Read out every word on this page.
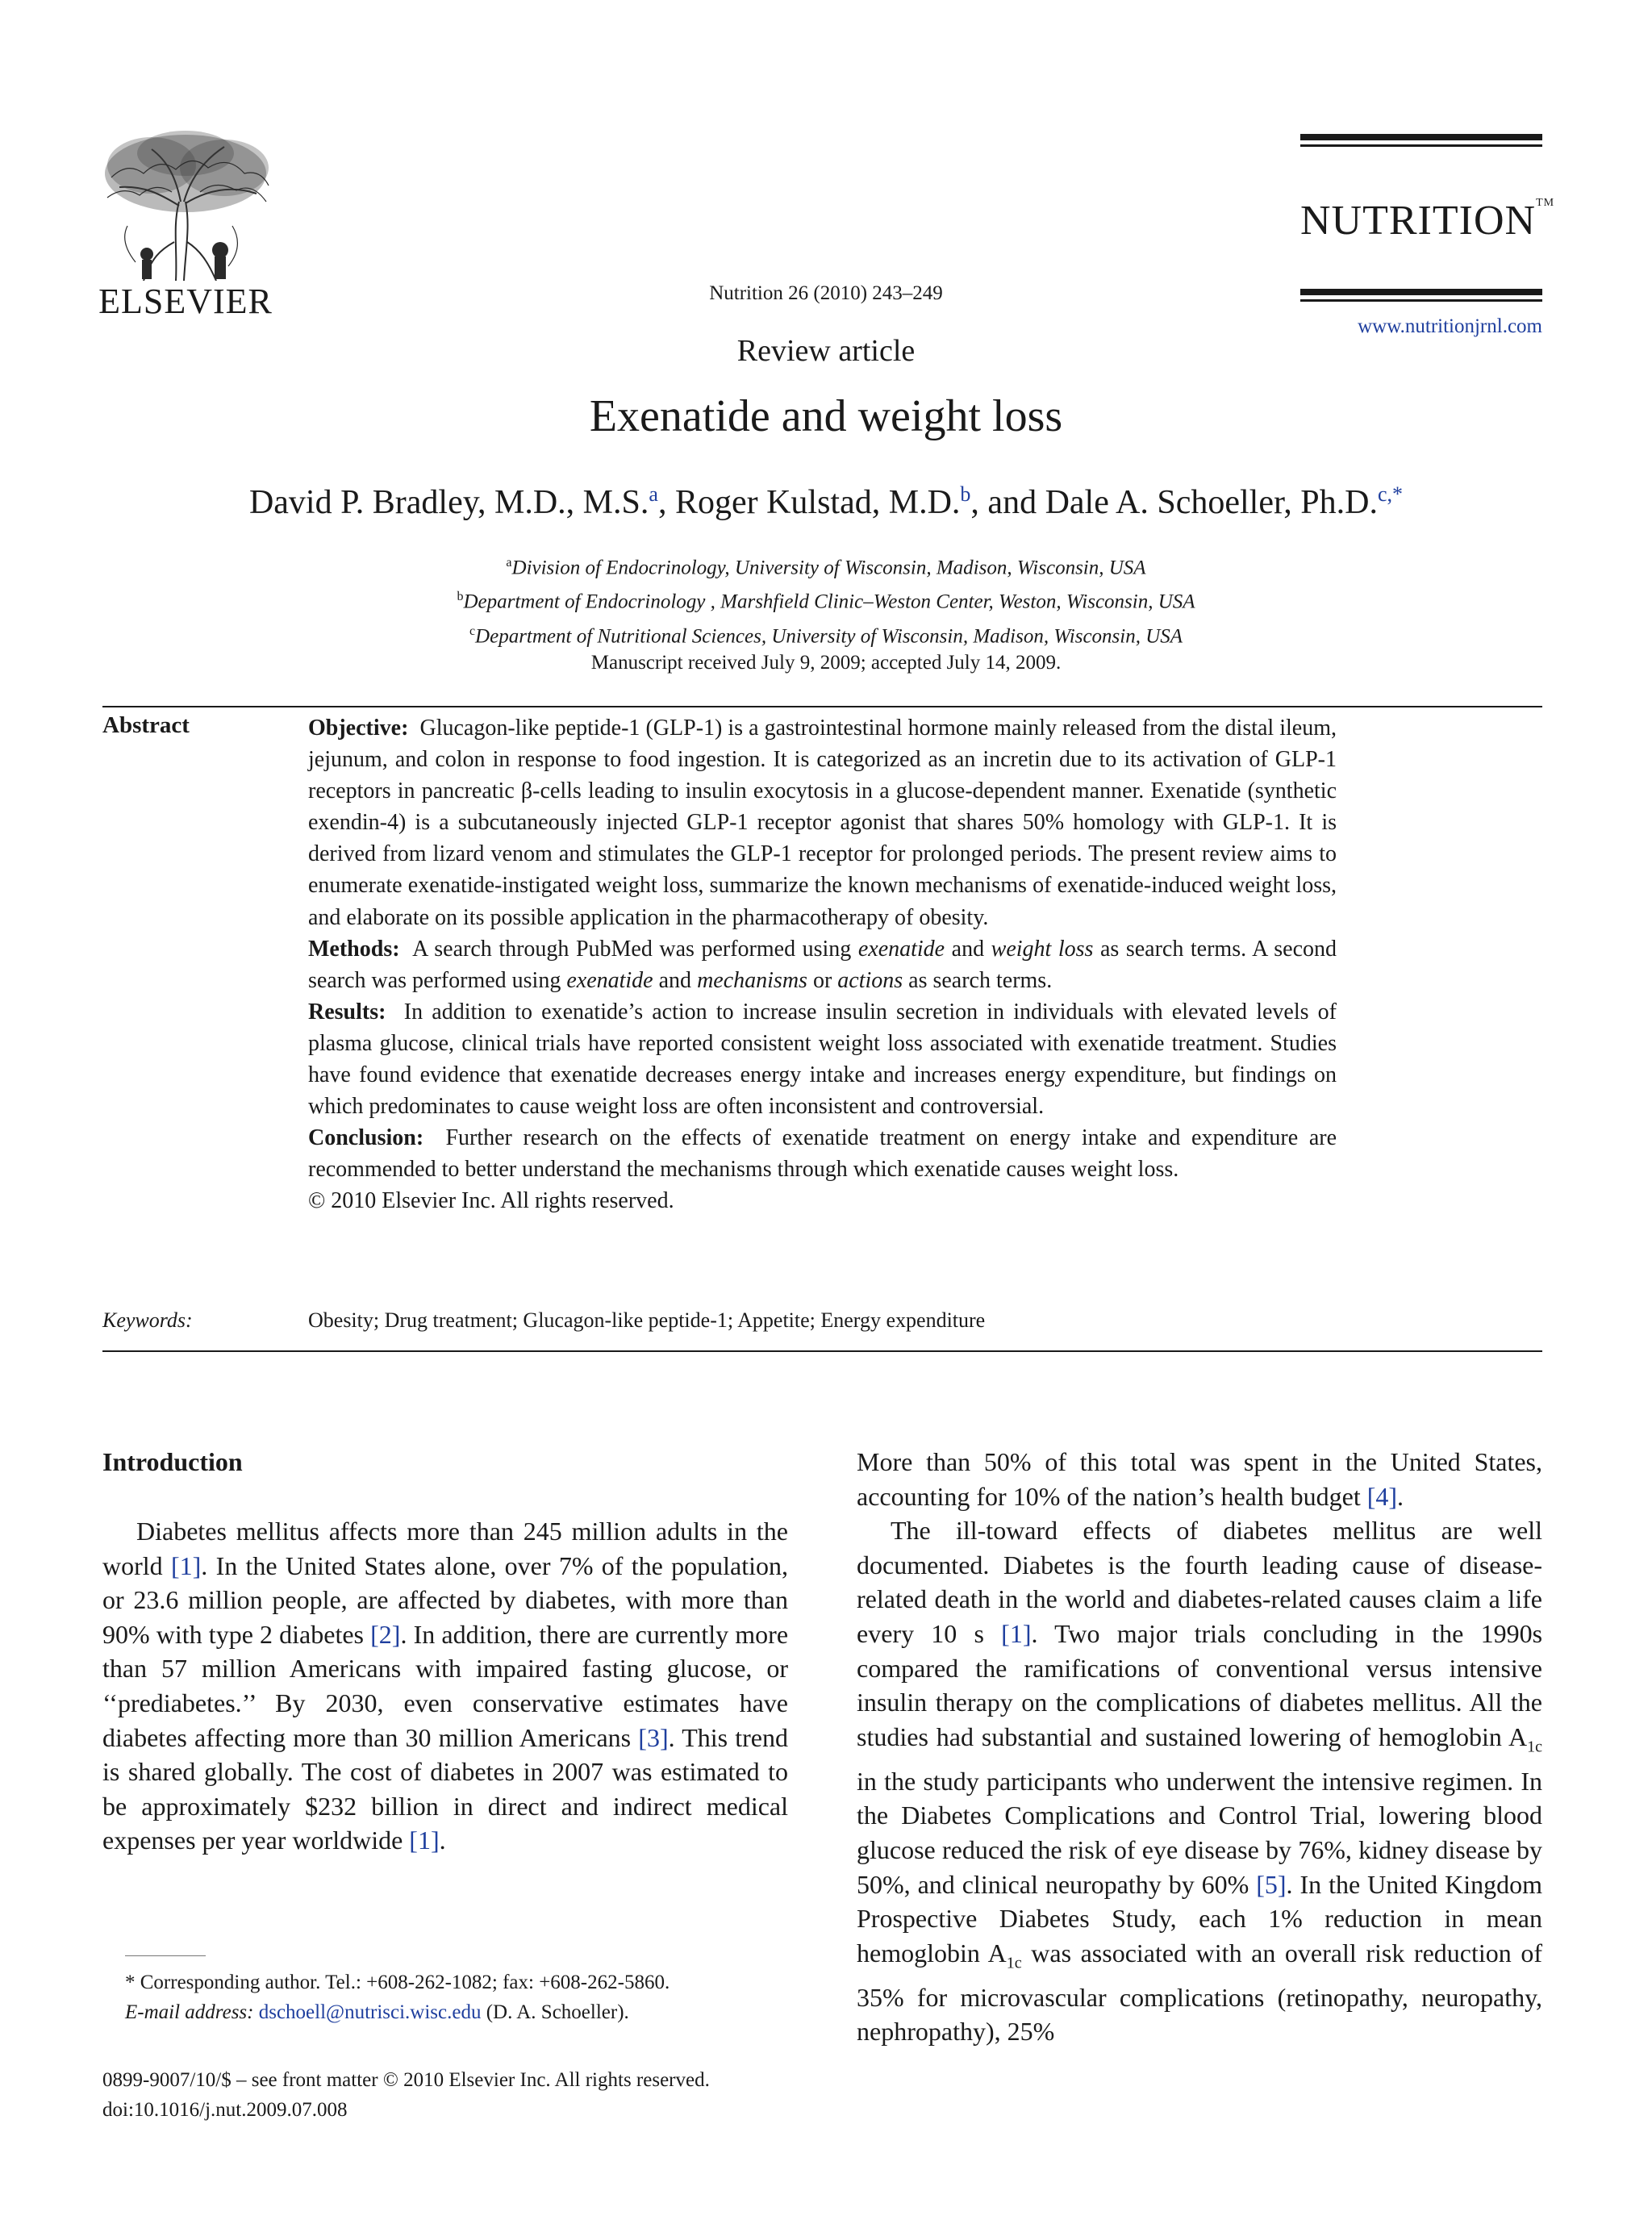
ELSEVIER
NUTRITION™
www.nutritionjrnl.com
Nutrition 26 (2010) 243–249
Review article
Exenatide and weight loss
David P. Bradley, M.D., M.S.$^a$, Roger Kulstad, M.D.$^b$, and Dale A. Schoeller, Ph.D.$^{c,*}$
$^a$Division of Endocrinology, University of Wisconsin, Madison, Wisconsin, USA
$^b$Department of Endocrinology , Marshfield Clinic–Weston Center, Weston, Wisconsin, USA
$^c$Department of Nutritional Sciences, University of Wisconsin, Madison, Wisconsin, USA
Manuscript received July 9, 2009; accepted July 14, 2009.
Abstract	Objective: Glucagon-like peptide-1 (GLP-1) is a gastrointestinal hormone mainly released from the distal ileum, jejunum, and colon in response to food ingestion. It is categorized as an incretin due to its activation of GLP-1 receptors in pancreatic β-cells leading to insulin exocytosis in a glucose-dependent manner. Exenatide (synthetic exendin-4) is a subcutaneously injected GLP-1 receptor agonist that shares 50% homology with GLP-1. It is derived from lizard venom and stimulates the GLP-1 receptor for prolonged periods. The present review aims to enumerate exenatide-instigated weight loss, summarize the known mechanisms of exenatide-induced weight loss, and elaborate on its possible application in the pharmacotherapy of obesity.

Methods: A search through PubMed was performed using exenatide and weight loss as search terms. A second search was performed using exenatide and mechanisms or actions as search terms.

Results: In addition to exenatide’s action to increase insulin secretion in individuals with elevated levels of plasma glucose, clinical trials have reported consistent weight loss associated with exenatide treatment. Studies have found evidence that exenatide decreases energy intake and increases energy expenditure, but findings on which predominates to cause weight loss are often inconsistent and controversial.

Conclusion: Further research on the effects of exenatide treatment on energy intake and expenditure are recommended to better understand the mechanisms through which exenatide causes weight loss.

© 2010 Elsevier Inc. All rights reserved.

Keywords:	Obesity; Drug treatment; Glucagon-like peptide-1; Appetite; Energy expenditure
Introduction

Diabetes mellitus affects more than 245 million adults in the world [1]. In the United States alone, over 7% of the population, or 23.6 million people, are affected by diabetes, with more than 90% with type 2 diabetes [2]. In addition, there are currently more than 57 million Americans with impaired fasting glucose, or ‘‘prediabetes.’’ By 2030, even conservative estimates have diabetes affecting more than 30 million Americans [3]. This trend is shared globally. The cost of diabetes in 2007 was estimated to be approximately $232 billion in direct and indirect medical expenses per year worldwide [1].

More than 50% of this total was spent in the United States, accounting for 10% of the nation’s health budget [4].

The ill-toward effects of diabetes mellitus are well documented. Diabetes is the fourth leading cause of disease-related death in the world and diabetes-related causes claim a life every 10 s [1]. Two major trials concluding in the 1990s compared the ramifications of conventional versus intensive insulin therapy on the complications of diabetes mellitus. All the studies had substantial and sustained lowering of hemoglobin $A_{1c}$ in the study participants who underwent the intensive regimen. In the Diabetes Complications and Control Trial, lowering blood glucose reduced the risk of eye disease by 76%, kidney disease by 50%, and clinical neuropathy by 60% [5]. In the United Kingdom Prospective Diabetes Study, each 1% reduction in mean hemoglobin $A_{1c}$ was associated with an overall risk reduction of 35% for microvascular complications (retinopathy, neuropathy, nephropathy), 25%

* Corresponding author. Tel.: +608-262-1082; fax: +608-262-5860.
E-mail address: dschoell@nutrisci.wisc.edu (D. A. Schoeller).
0899-9007/10/$ – see front matter © 2010 Elsevier Inc. All rights reserved.
doi:10.1016/j.nut.2009.07.008
